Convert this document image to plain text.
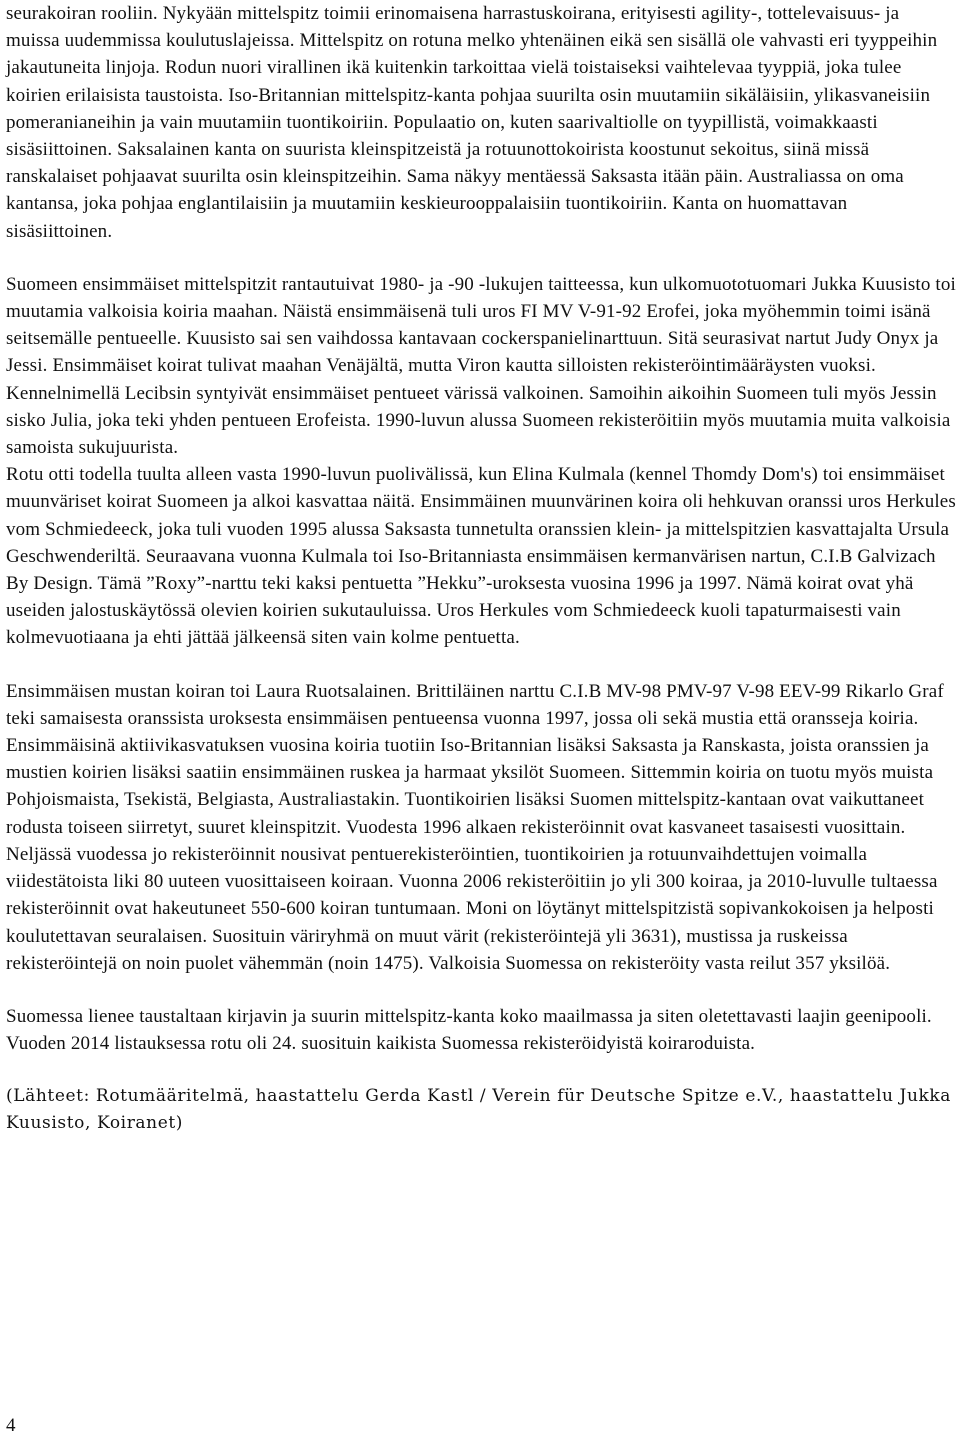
seurakoiran rooliin. Nykyään mittelspitz toimii erinomaisena harrastuskoirana, erityisesti agility-, tottelevaisuus- ja muissa uudemmissa koulutuslajeissa. Mittelspitz on rotuna melko yhtenäinen eikä sen sisällä ole vahvasti eri tyyppeihin jakautuneita linjoja. Rodun nuori virallinen ikä kuitenkin tarkoittaa vielä toistaiseksi vaihtelevaa tyyppiä, joka tulee koirien erilaisista taustoista. Iso-Britannian mittelspitz-kanta pohjaa suurilta osin muutamiin sikäläisiin, ylikasvaneisiin pomeranianeihin ja vain muutamiin tuontikoiriin. Populaatio on, kuten saarivaltiolle on tyypillistä, voimakkaasti sisäsiittoinen. Saksalainen kanta on suurista kleinspitzeistä ja rotuunottokoirista koostunut sekoitus, siinä missä ranskalaiset pohjaavat suurilta osin kleinspitzeihin. Sama näkyy mentäessä Saksasta itään päin. Australiassa on oma kantansa, joka pohjaa englantilaisiin ja muutamiin keskieurooppalaisiin tuontikoiriin. Kanta on huomattavan sisäsiittoinen.

Suomeen ensimmäiset mittelspitzit rantautuivat 1980- ja -90 -lukujen taitteessa, kun ulkomuototuomari Jukka Kuusisto toi muutamia valkoisia koiria maahan. Näistä ensimmäisenä tuli uros FI MV V-91-92 Erofei, joka myöhemmin toimi isänä seitsemälle pentueelle. Kuusisto sai sen vaihdossa kantavaan cockerspanielinarttuun. Sitä seurasivat nartut Judy Onyx ja Jessi. Ensimmäiset koirat tulivat maahan Venäjältä, mutta Viron kautta silloisten rekisteröintimääräysten vuoksi. Kennelnimellä Lecibsin syntyivät ensimmäiset pentueet värissä valkoinen. Samoihin aikoihin Suomeen tuli myös Jessin sisko Julia, joka teki yhden pentueen Erofeista. 1990-luvun alussa Suomeen rekisteröitiin myös muutamia muita valkoisia samoista sukujuurista.

Rotu otti todella tuulta alleen vasta 1990-luvun puolivälissä, kun Elina Kulmala (kennel Thomdy Dom's) toi ensimmäiset muunväriset koirat Suomeen ja alkoi kasvattaa näitä. Ensimmäinen muunvärinen koira oli hehkuvan oranssi uros Herkules vom Schmiedeeck, joka tuli vuoden 1995 alussa Saksasta tunnetulta oranssien klein- ja mittelspitzien kasvattajalta Ursula Geschwenderiltä. Seuraavana vuonna Kulmala toi Iso-Britanniasta ensimmäisen kermanvärisen nartun, C.I.B Galvizach By Design. Tämä ”Roxy”-narttu teki kaksi pentuetta ”Hekku”-uroksesta vuosina 1996 ja 1997. Nämä koirat ovat yhä useiden jalostuskäytössä olevien koirien sukutauluissa. Uros Herkules vom Schmiedeeck kuoli tapaturmaisesti vain kolmevuotiaana ja ehti jättää jälkeensä siten vain kolme pentuetta.

Ensimmäisen mustan koiran toi Laura Ruotsalainen. Brittiläinen narttu C.I.B MV-98 PMV-97 V-98 EEV-99 Rikarlo Graf teki samaisesta oranssista uroksesta ensimmäisen pentueensa vuonna 1997, jossa oli sekä mustia että oransseja koiria. Ensimmäisinä aktiivikasvatuksen vuosina koiria tuotiin Iso-Britannian lisäksi Saksasta ja Ranskasta, joista oranssien ja mustien koirien lisäksi saatiin ensimmäinen ruskea ja harmaat yksilöt Suomeen. Sittemmin koiria on tuotu myös muista Pohjoismaista, Tsekistä, Belgiasta, Australiastakin. Tuontikoirien lisäksi Suomen mittelspitz-kantaan ovat vaikuttaneet rodusta toiseen siirretyt, suuret kleinspitzit. Vuodesta 1996 alkaen rekisteröinnit ovat kasvaneet tasaisesti vuosittain. Neljässä vuodessa jo rekisteröinnit nousivat pentuerekisteröintien, tuontikoirien ja rotuunvaihdettujen voimalla viidestätoista liki 80 uuteen vuosittaiseen koiraan. Vuonna 2006 rekisteröitiin jo yli 300 koiraa, ja 2010-luvulle tultaessa rekisteröinnit ovat hakeutuneet 550-600 koiran tuntumaan. Moni on löytänyt mittelspitzistä sopivankokoisen ja helposti koulutettavan seuralaisen. Suosituin väriryhmä on muut värit (rekisteröintejä yli 3631), mustissa ja ruskeissa rekisteröintejä on noin puolet vähemmän (noin 1475). Valkoisia Suomessa on rekisteröity vasta reilut 357 yksilöä.

Suomessa lienee taustaltaan kirjavin ja suurin mittelspitz-kanta koko maailmassa ja siten oletettavasti laajin geenipooli. Vuoden 2014 listauksessa rotu oli 24. suosituin kaikista Suomessa rekisteröidyistä koiraroduista.

(Lähteet: Rotumääritelmä, haastattelu Gerda Kastl / Verein für Deutsche Spitze e.V., haastattelu Jukka Kuusisto, Koiranet)

4
